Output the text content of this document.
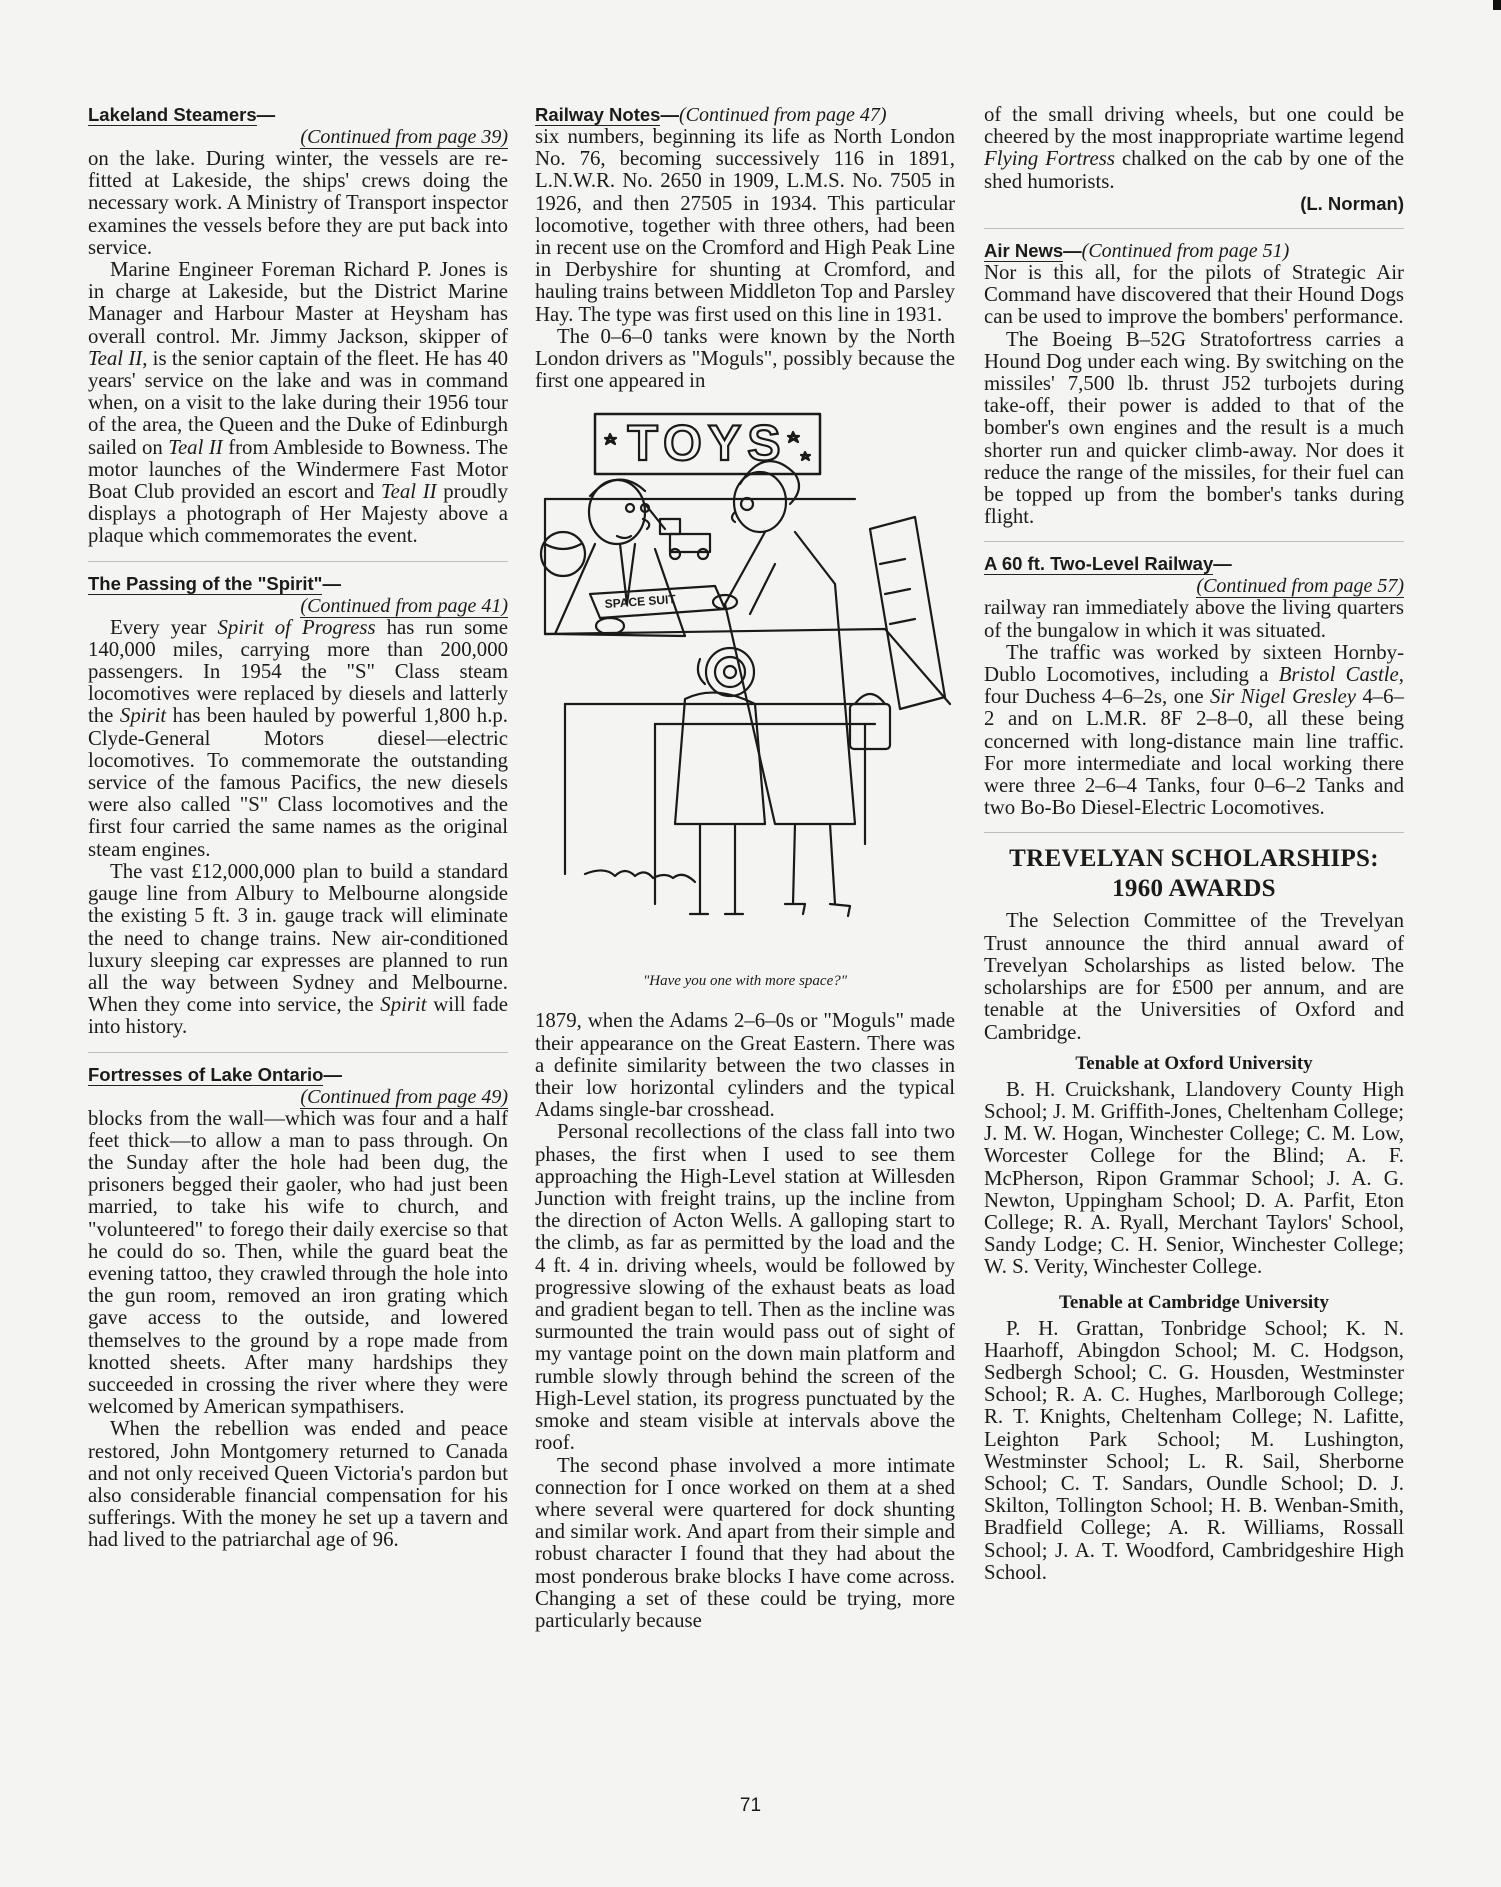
Lakeland Steamers—
(Continued from page 39)

on the lake. During winter, the vessels are re-fitted at Lakeside, the ships' crews doing the necessary work. A Ministry of Transport inspector examines the vessels before they are put back into service.

Marine Engineer Foreman Richard P. Jones is in charge at Lakeside, but the District Marine Manager and Harbour Master at Heysham has overall control. Mr. Jimmy Jackson, skipper of Teal II, is the senior captain of the fleet. He has 40 years' service on the lake and was in command when, on a visit to the lake during their 1956 tour of the area, the Queen and the Duke of Edinburgh sailed on Teal II from Ambleside to Bowness. The motor launches of the Windermere Fast Motor Boat Club provided an escort and Teal II proudly displays a photograph of Her Majesty above a plaque which commemorates the event.

The Passing of the "Spirit"—
(Continued from page 41)

Every year Spirit of Progress has run some 140,000 miles, carrying more than 200,000 passengers. In 1954 the "S" Class steam locomotives were replaced by diesels and latterly the Spirit has been hauled by powerful 1,800 h.p. Clyde-General Motors diesel—electric locomotives. To commemorate the outstanding service of the famous Pacifics, the new diesels were also called "S" Class locomotives and the first four carried the same names as the original steam engines.

The vast £12,000,000 plan to build a standard gauge line from Albury to Melbourne alongside the existing 5 ft. 3 in. gauge track will eliminate the need to change trains. New air-conditioned luxury sleeping car expresses are planned to run all the way between Sydney and Melbourne. When they come into service, the Spirit will fade into history.

Fortresses of Lake Ontario—
(Continued from page 49)

blocks from the wall—which was four and a half feet thick—to allow a man to pass through. On the Sunday after the hole had been dug, the prisoners begged their gaoler, who had just been married, to take his wife to church, and "volunteered" to forego their daily exercise so that he could do so. Then, while the guard beat the evening tattoo, they crawled through the hole into the gun room, removed an iron grating which gave access to the outside, and lowered themselves to the ground by a rope made from knotted sheets. After many hardships they succeeded in crossing the river where they were welcomed by American sympathisers.

When the rebellion was ended and peace restored, John Montgomery returned to Canada and not only received Queen Victoria's pardon but also considerable financial compensation for his sufferings. With the money he set up a tavern and had lived to the patriarchal age of 96.

Railway Notes—(Continued from page 47)

six numbers, beginning its life as North London No. 76, becoming successively 116 in 1891, L.N.W.R. No. 2650 in 1909, L.M.S. No. 7505 in 1926, and then 27505 in 1934. This particular locomotive, together with three others, had been in recent use on the Cromford and High Peak Line in Derbyshire for shunting at Cromford, and hauling trains between Middleton Top and Parsley Hay. The type was first used on this line in 1931.

The 0–6–0 tanks were known by the North London drivers as "Moguls", possibly because the first one appeared in

TOYS
SPACE SUIT
"Have you one with more space?"

1879, when the Adams 2–6–0s or "Moguls" made their appearance on the Great Eastern. There was a definite similarity between the two classes in their low horizontal cylinders and the typical Adams single-bar crosshead.

Personal recollections of the class fall into two phases, the first when I used to see them approaching the High-Level station at Willesden Junction with freight trains, up the incline from the direction of Acton Wells. A galloping start to the climb, as far as permitted by the load and the 4 ft. 4 in. driving wheels, would be followed by progressive slowing of the exhaust beats as load and gradient began to tell. Then as the incline was surmounted the train would pass out of sight of my vantage point on the down main platform and rumble slowly through behind the screen of the High-Level station, its progress punctuated by the smoke and steam visible at intervals above the roof.

The second phase involved a more intimate connection for I once worked on them at a shed where several were quartered for dock shunting and similar work. And apart from their simple and robust character I found that they had about the most ponderous brake blocks I have come across. Changing a set of these could be trying, more particularly because

of the small driving wheels, but one could be cheered by the most inappropriate wartime legend Flying Fortress chalked on the cab by one of the shed humorists.

(L. Norman)
Air News—(Continued from page 51)

Nor is this all, for the pilots of Strategic Air Command have discovered that their Hound Dogs can be used to improve the bombers' performance.

The Boeing B–52G Stratofortress carries a Hound Dog under each wing. By switching on the missiles' 7,500 lb. thrust J52 turbojets during take-off, their power is added to that of the bomber's own engines and the result is a much shorter run and quicker climb-away. Nor does it reduce the range of the missiles, for their fuel can be topped up from the bomber's tanks during flight.

A 60 ft. Two-Level Railway—
(Continued from page 57)

railway ran immediately above the living quarters of the bungalow in which it was situated.

The traffic was worked by sixteen Hornby-Dublo Locomotives, including a Bristol Castle, four Duchess 4–6–2s, one Sir Nigel Gresley 4–6–2 and on L.M.R. 8F 2–8–0, all these being concerned with long-distance main line traffic. For more intermediate and local working there were three 2–6–4 Tanks, four 0–6–2 Tanks and two Bo-Bo Diesel-Electric Locomotives.

TREVELYAN SCHOLARSHIPS:
1960 AWARDS

The Selection Committee of the Trevelyan Trust announce the third annual award of Trevelyan Scholarships as listed below. The scholarships are for £500 per annum, and are tenable at the Universities of Oxford and Cambridge.

Tenable at Oxford University

B. H. Cruickshank, Llandovery County High School; J. M. Griffith-Jones, Cheltenham College; J. M. W. Hogan, Winchester College; C. M. Low, Worcester College for the Blind; A. F. McPherson, Ripon Grammar School; J. A. G. Newton, Uppingham School; D. A. Parfit, Eton College; R. A. Ryall, Merchant Taylors' School, Sandy Lodge; C. H. Senior, Winchester College; W. S. Verity, Winchester College.

Tenable at Cambridge University

P. H. Grattan, Tonbridge School; K. N. Haarhoff, Abingdon School; M. C. Hodgson, Sedbergh School; C. G. Housden, Westminster School; R. A. C. Hughes, Marlborough College; R. T. Knights, Cheltenham College; N. Lafitte, Leighton Park School; M. Lushington, Westminster School; L. R. Sail, Sherborne School; C. T. Sandars, Oundle School; D. J. Skilton, Tollington School; H. B. Wenban-Smith, Bradfield College; A. R. Williams, Rossall School; J. A. T. Woodford, Cambridgeshire High School.

71
